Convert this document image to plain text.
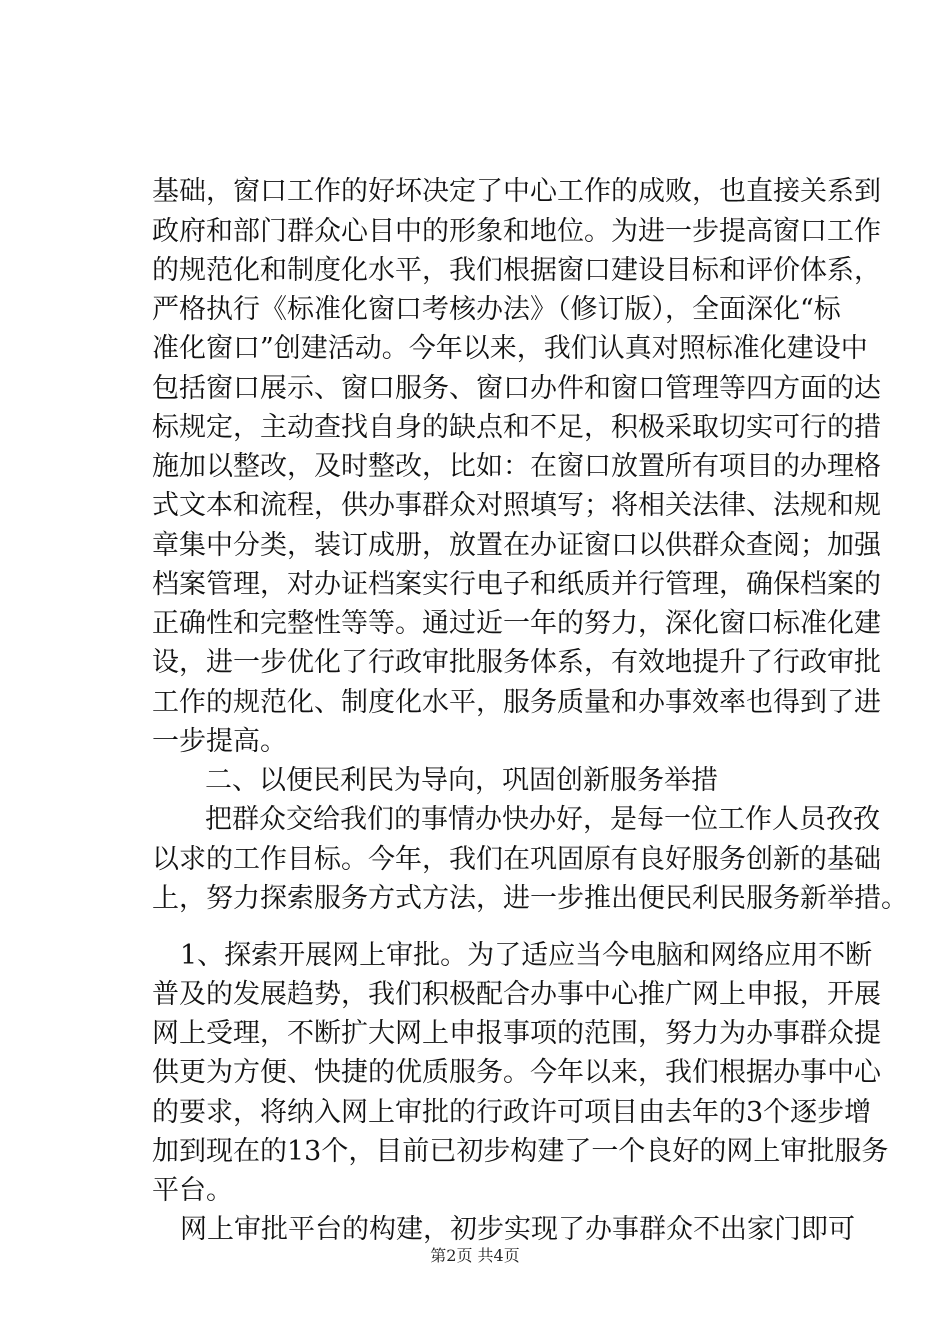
基础，窗口工作的好坏决定了中心工作的成败，也直接关系到
政府和部门群众心目中的形象和地位。为进一步提高窗口工作
的规范化和制度化水平，我们根据窗口建设目标和评价体系，
严格执行《标准化窗口考核办法》（修订版），全面深化“标
准化窗口”创建活动。今年以来，我们认真对照标准化建设中
包括窗口展示、窗口服务、窗口办件和窗口管理等四方面的达
标规定，主动查找自身的缺点和不足，积极采取切实可行的措
施加以整改，及时整改，比如：在窗口放置所有项目的办理格
式文本和流程，供办事群众对照填写；将相关法律、法规和规
章集中分类，装订成册，放置在办证窗口以供群众查阅；加强
档案管理，对办证档案实行电子和纸质并行管理，确保档案的
正确性和完整性等等。通过近一年的努力，深化窗口标准化建
设，进一步优化了行政审批服务体系，有效地提升了行政审批
工作的规范化、制度化水平，服务质量和办事效率也得到了进
一步提高。
二、以便民利民为导向，巩固创新服务举措
把群众交给我们的事情办快办好，是每一位工作人员孜孜
以求的工作目标。今年，我们在巩固原有良好服务创新的基础
上，努力探索服务方式方法，进一步推出便民利民服务新举措。
1、探索开展网上审批。为了适应当今电脑和网络应用不断
普及的发展趋势，我们积极配合办事中心推广网上申报，开展
网上受理，不断扩大网上申报事项的范围，努力为办事群众提
供更为方便、快捷的优质服务。今年以来，我们根据办事中心
的要求，将纳入网上审批的行政许可项目由去年的3个逐步增
加到现在的13个，目前已初步构建了一个良好的网上审批服务
平台。
网上审批平台的构建，初步实现了办事群众不出家门即可
第2页 共4页
